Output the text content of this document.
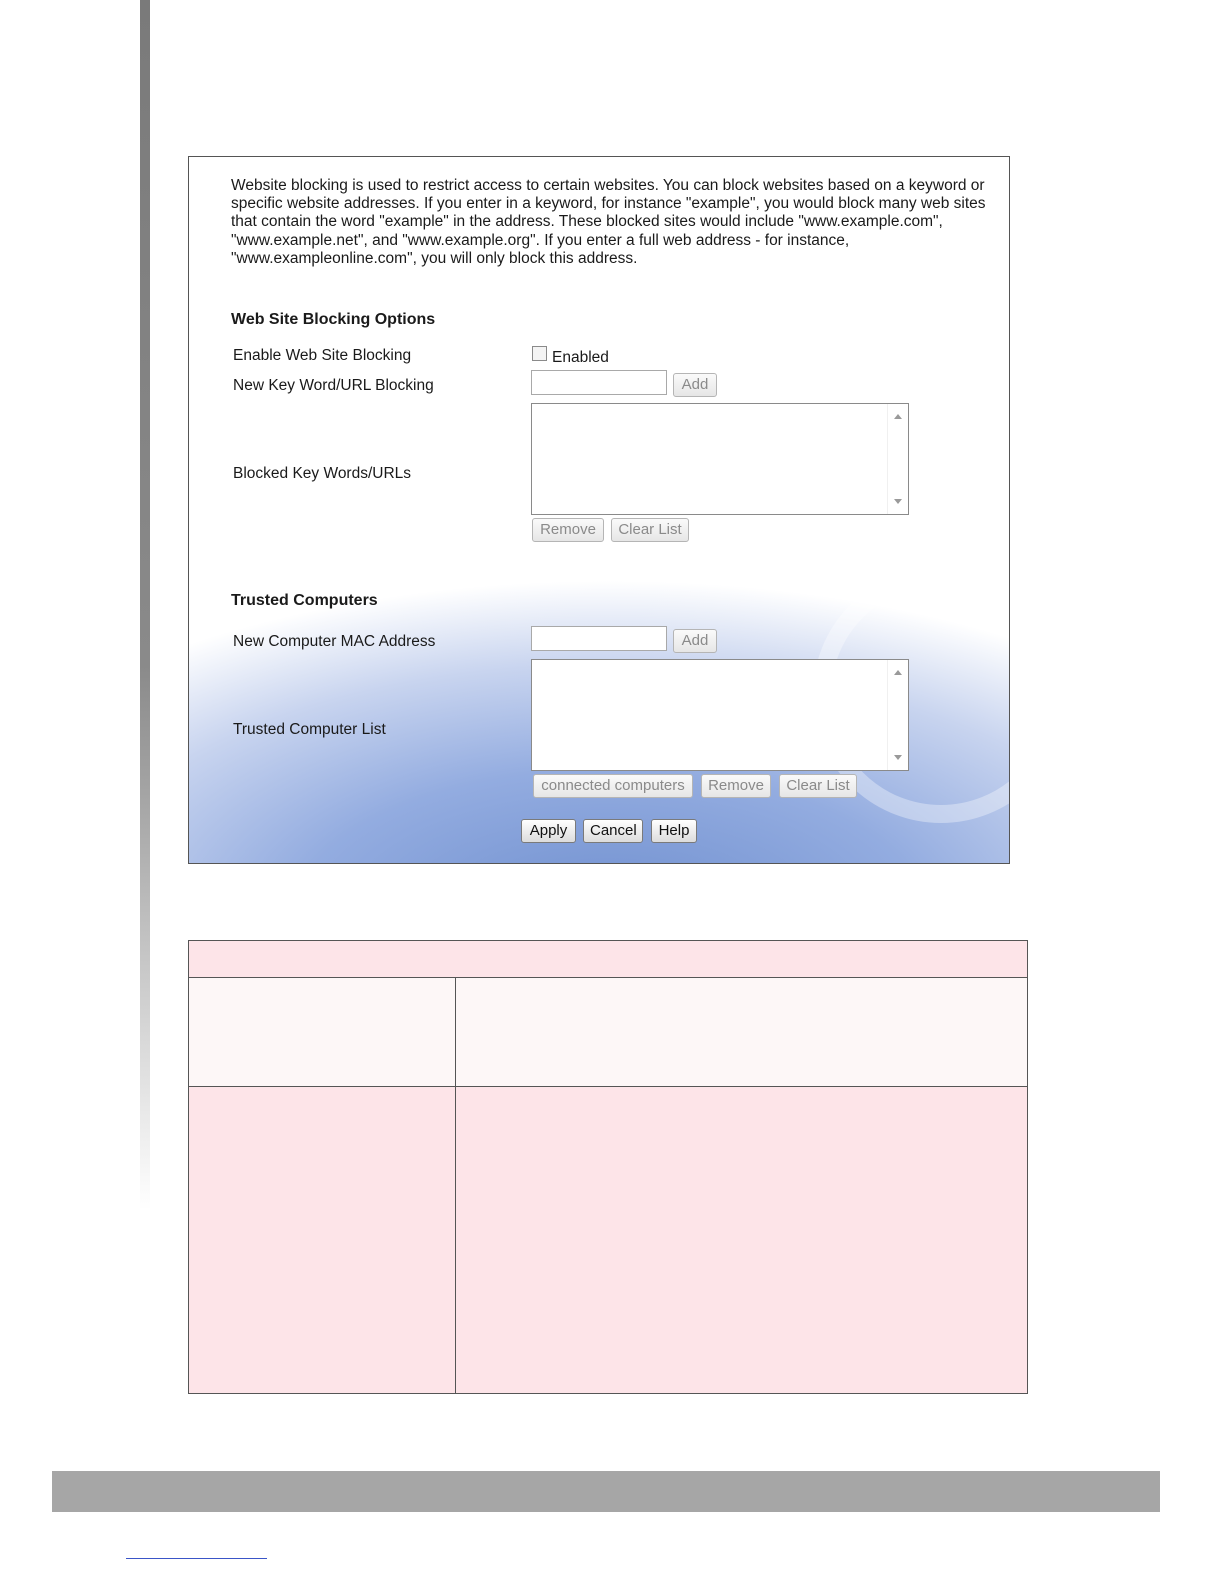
Website blocking is used to restrict access to certain websites. You can block websites based on a keyword or specific website addresses. If you enter in a keyword, for instance "example", you would block many web sites that contain the word "example" in the address. These blocked sites would include "www.example.com", "www.example.net", and "www.example.org". If you enter a full web address - for instance, "www.exampleonline.com", you will only block this address.
Web Site Blocking Options
Enable Web Site Blocking	Enabled
New Key Word/URL Blocking	Add
Blocked Key Words/URLs
Remove	Clear List
Trusted Computers
New Computer MAC Address	Add
Trusted Computer List
connected computers	Remove	Clear List
Apply	Cancel	Help
